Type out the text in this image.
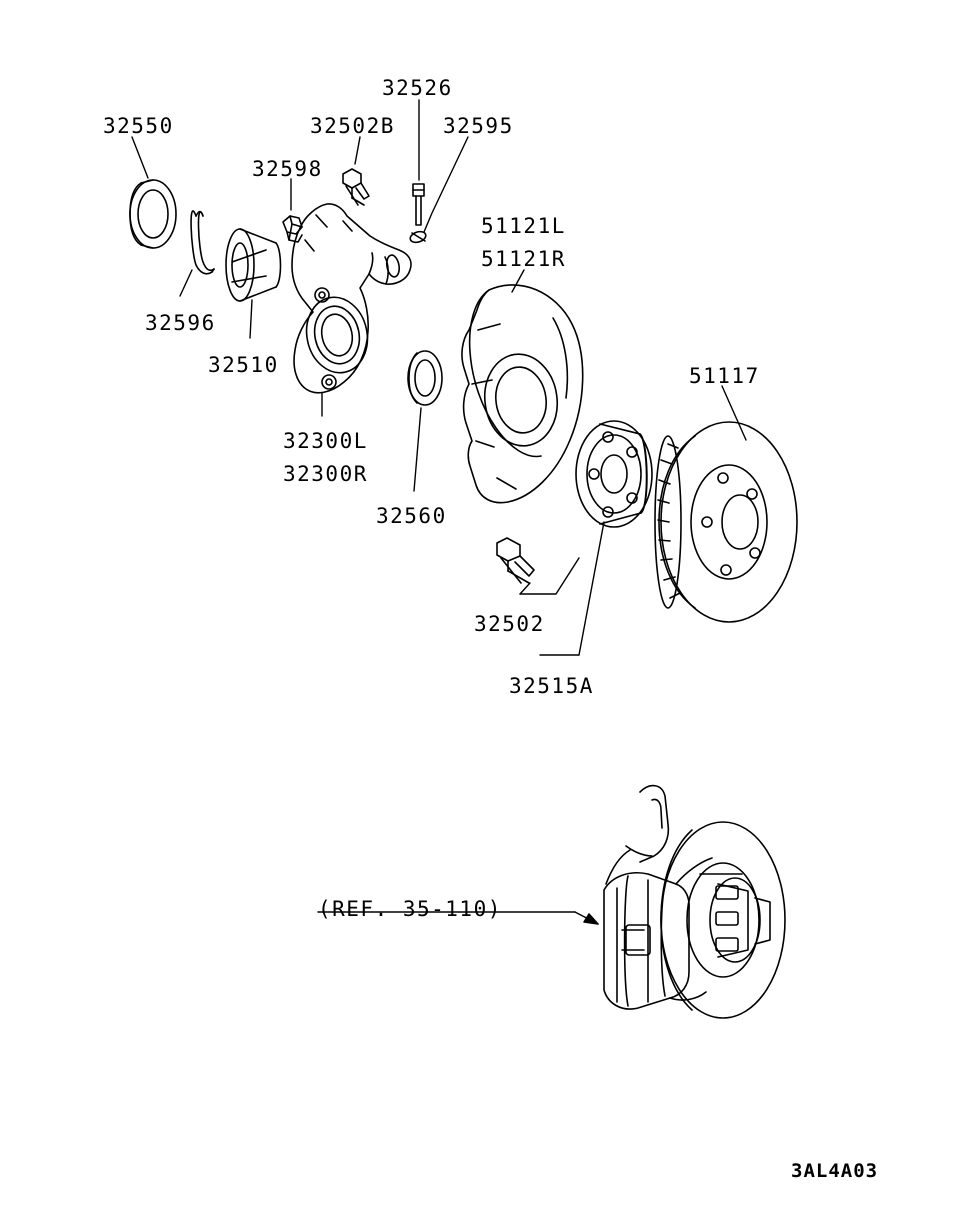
32550
32526
32502B 32595
32598
51121L
51121R
32596
32510	51117
32300L
32300R
32560
32502
32515A
(REF. 35-110)
3AL4A03
